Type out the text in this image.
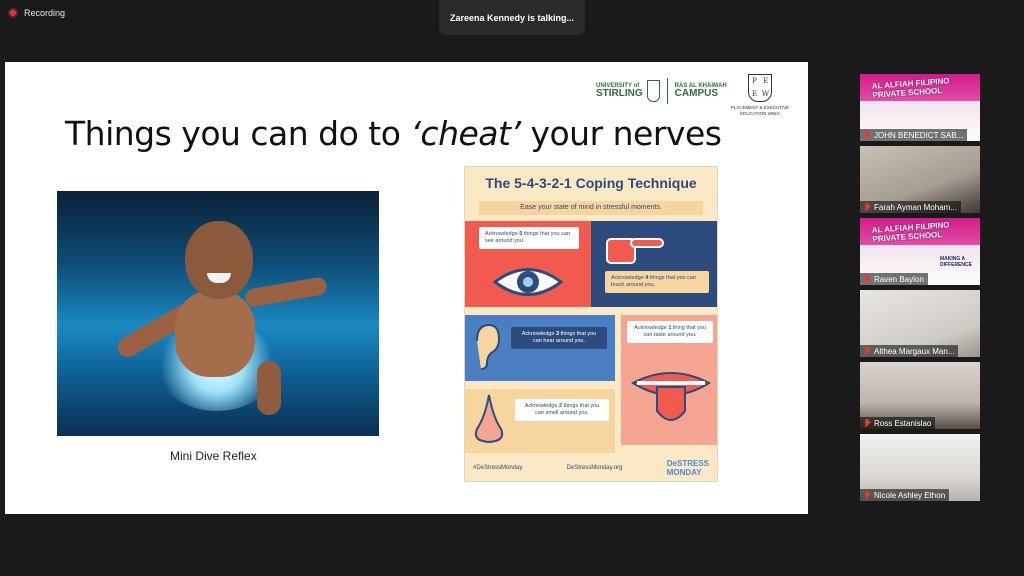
Recording	Zareena Kennedy is talking...
UNIVERSITY of
STIRLING
RAS AL KHAIMAH
CAMPUS
P E
E W
PLACEMENT & EXECUTIVE EDUCATION WING
Things you can do to ‘cheat’ your nerves
Mini Dive Reflex
The 5-4-3-2-1 Coping Technique
Ease your state of mind in stressful moments.
Acknowledge 5 things that you can see around you.
Acknowledge 4 things that you can touch around you.
Acknowledge 3 things that you can hear around you.
Acknowledge 1 thing that you can taste around you.
Acknowledge 2 things that you can smell around you.
#DeStressMonday	DeStressMonday.org	DeSTRESS
MONDAY
AL ALFIAH FILIPINO PRIVATE SCHOOL
JOHN BENEDICT SAB...
Farah Ayman Moham...
AL ALFIAH FILIPINO PRIVATE SCHOOL
MAKING A DIFFERENCE
Raven Baylon
Althea Margaux Man...
Ross Estanislao
Nicole Ashley Ethon
